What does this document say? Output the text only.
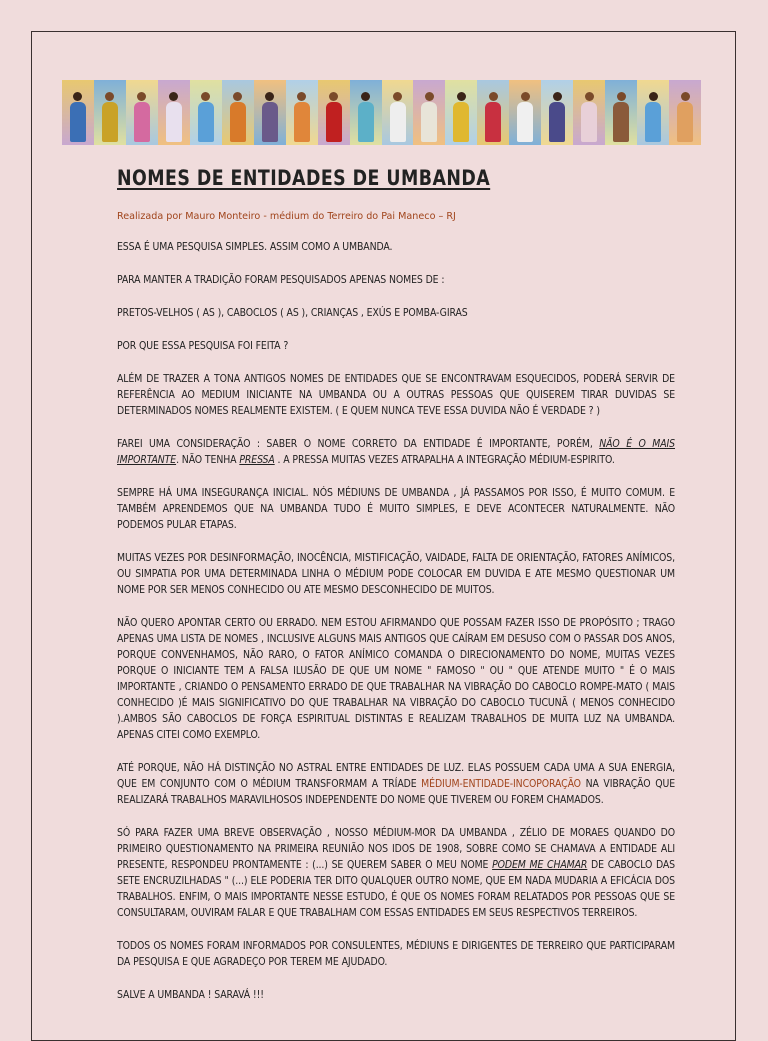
NOMES DE ENTIDADES DE UMBANDA
Realizada por Mauro Monteiro - médium do Terreiro do Pai Maneco – RJ

ESSA É UMA PESQUISA SIMPLES. ASSIM COMO A UMBANDA.

PARA MANTER A TRADIÇÃO FORAM PESQUISADOS APENAS NOMES DE :

PRETOS-VELHOS ( AS ), CABOCLOS ( AS ), CRIANÇAS , EXÚS E POMBA-GIRAS

POR QUE ESSA PESQUISA FOI FEITA ?

ALÉM DE TRAZER A TONA ANTIGOS NOMES DE ENTIDADES QUE SE ENCONTRAVAM ESQUECIDOS, PODERÁ SERVIR DE REFERÊNCIA AO MEDIUM INICIANTE NA UMBANDA OU A OUTRAS PESSOAS QUE QUISEREM TIRAR DUVIDAS SE DETERMINADOS NOMES REALMENTE EXISTEM. ( E QUEM NUNCA TEVE ESSA DUVIDA NÃO É VERDADE ? )

FAREI UMA CONSIDERAÇÃO : SABER O NOME CORRETO DA ENTIDADE É IMPORTANTE, PORÉM, NÃO É O MAIS IMPORTANTE. NÃO TENHA PRESSA . A PRESSA MUITAS VEZES ATRAPALHA A INTEGRAÇÃO MÉDIUM-ESPIRITO.

SEMPRE HÁ UMA INSEGURANÇA INICIAL. NÓS MÉDIUNS DE UMBANDA , JÁ PASSAMOS POR ISSO, É MUITO COMUM. E TAMBÉM APRENDEMOS QUE NA UMBANDA TUDO É MUITO SIMPLES, E DEVE ACONTECER NATURALMENTE. NÃO PODEMOS PULAR ETAPAS.

MUITAS VEZES POR DESINFORMAÇÃO, INOCÊNCIA, MISTIFICAÇÃO, VAIDADE, FALTA DE ORIENTAÇÃO, FATORES ANÍMICOS, OU SIMPATIA POR UMA DETERMINADA LINHA O MÉDIUM PODE COLOCAR EM DUVIDA E ATE MESMO QUESTIONAR UM NOME POR SER MENOS CONHECIDO OU ATE MESMO DESCONHECIDO DE MUITOS.

NÃO QUERO APONTAR CERTO OU ERRADO. NEM ESTOU AFIRMANDO QUE POSSAM FAZER ISSO DE PROPÓSITO ; TRAGO APENAS UMA LISTA DE NOMES , INCLUSIVE ALGUNS MAIS ANTIGOS QUE CAÍRAM EM DESUSO COM O PASSAR DOS ANOS, PORQUE CONVENHAMOS, NÃO RARO, O FATOR ANÍMICO COMANDA O DIRECIONAMENTO DO NOME, MUITAS VEZES PORQUE O INICIANTE TEM A FALSA ILUSÃO DE QUE UM NOME " FAMOSO " OU " QUE ATENDE MUITO " É O MAIS IMPORTANTE , CRIANDO O PENSAMENTO ERRADO DE QUE TRABALHAR NA VIBRAÇÃO DO CABOCLO ROMPE-MATO ( MAIS CONHECIDO )É MAIS SIGNIFICATIVO DO QUE TRABALHAR NA VIBRAÇÃO DO CABOCLO TUCUNÃ ( MENOS CONHECIDO ).AMBOS SÃO CABOCLOS DE FORÇA ESPIRITUAL DISTINTAS E REALIZAM TRABALHOS DE MUITA LUZ NA UMBANDA. APENAS CITEI COMO EXEMPLO.

ATÉ PORQUE, NÃO HÁ DISTINÇÃO NO ASTRAL ENTRE ENTIDADES DE LUZ. ELAS POSSUEM CADA UMA A SUA ENERGIA, QUE EM CONJUNTO COM O MÉDIUM TRANSFORMAM A TRÍADE MÉDIUM-ENTIDADE-INCOPORAÇÃO NA VIBRAÇÃO QUE REALIZARÁ TRABALHOS MARAVILHOSOS INDEPENDENTE DO NOME QUE TIVEREM OU FOREM CHAMADOS.

SÓ PARA FAZER UMA BREVE OBSERVAÇÃO , NOSSO MÉDIUM-MOR DA UMBANDA , ZÉLIO DE MORAES QUANDO DO PRIMEIRO QUESTIONAMENTO NA PRIMEIRA REUNIÃO NOS IDOS DE 1908, SOBRE COMO SE CHAMAVA A ENTIDADE ALI PRESENTE, RESPONDEU PRONTAMENTE : (...) SE QUEREM SABER O MEU NOME PODEM ME CHAMAR DE CABOCLO DAS SETE ENCRUZILHADAS " (...) ELE PODERIA TER DITO QUALQUER OUTRO NOME, QUE EM NADA MUDARIA A EFICÁCIA DOS TRABALHOS. ENFIM, O MAIS IMPORTANTE NESSE ESTUDO, É QUE OS NOMES FORAM RELATADOS POR PESSOAS QUE SE CONSULTARAM, OUVIRAM FALAR E QUE TRABALHAM COM ESSAS ENTIDADES EM SEUS RESPECTIVOS TERREIROS.

TODOS OS NOMES FORAM INFORMADOS POR CONSULENTES, MÉDIUNS E DIRIGENTES DE TERREIRO QUE PARTICIPARAM DA PESQUISA E QUE AGRADEÇO POR TEREM ME AJUDADO.

SALVE A UMBANDA ! SARAVÁ !!!
